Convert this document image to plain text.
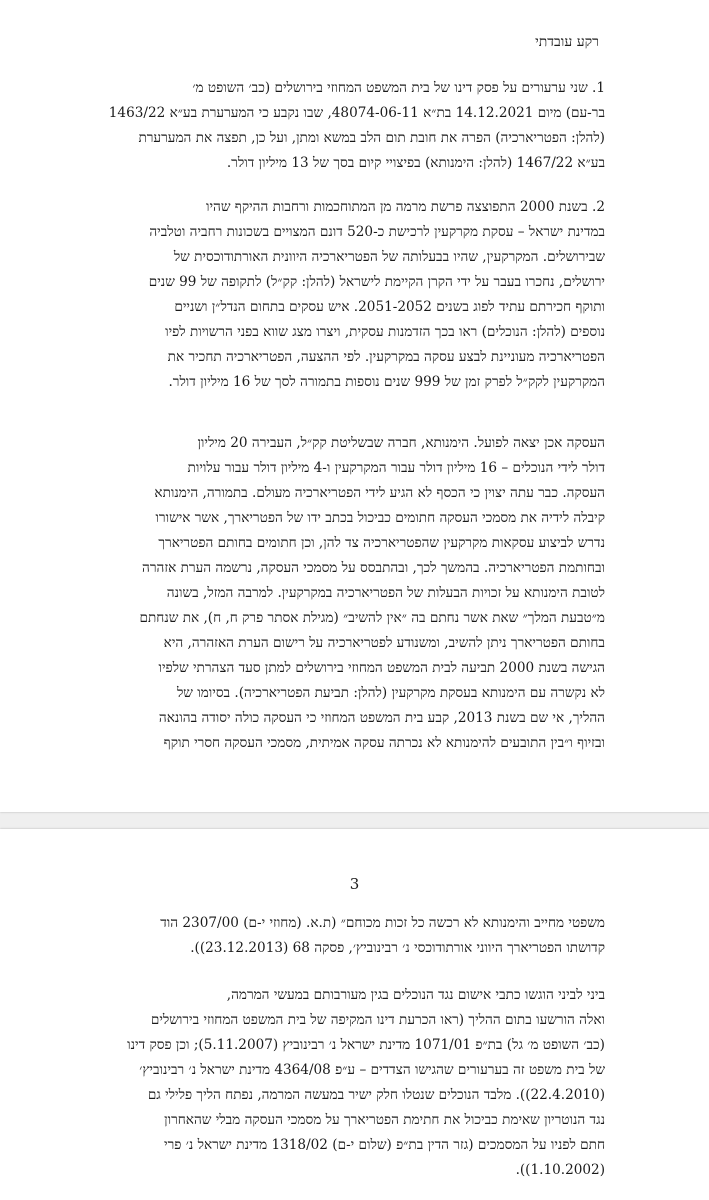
רקע עובדתי
1. שני ערעורים על פסק דינו של בית המשפט המחוזי בירושלים (כב׳ השופט מ׳
בר-עם) מיום 14.12.2021 בת״א 48074-06-11, שבו נקבע כי המערערת בע״א 1463/22
(להלן: הפטריארכיה) הפרה את חובת תום הלב במשא ומתן, ועל כן, תפצה את המערערת
בע״א 1467/22 (להלן: הימנותא) בפיצויי קיום בסך של 13 מיליון דולר.
2. בשנת 2000 התפוצצה פרשת מרמה מן המתוחכמות ורחבות ההיקף שהיו
במדינת ישראל – עסקת מקרקעין לרכישת כ-520 דונם המצויים בשכונות רחביה וטלביה
שבירושלים. המקרקעין, שהיו בבעלותה של הפטריארכיה היוונית האורתודוכסית של
ירושלים, נחכרו בעבר על ידי הקרן הקיימת לישראל (להלן: קק״ל) לתקופה של 99 שנים
ותוקף חכירתם עתיד לפוג בשנים 2051-2052. איש עסקים בתחום הנדל״ן ושניים
נוספים (להלן: הנוכלים) ראו בכך הזדמנות עסקית, ויצרו מצג שווא בפני הרשויות לפיו
הפטריארכיה מעוניינת לבצע עסקה במקרקעין. לפי ההצעה, הפטריארכיה תחכיר את
המקרקעין לקק״ל לפרק זמן של 999 שנים נוספות בתמורה לסך של 16 מיליון דולר.
העסקה אכן יצאה לפועל. הימנותא, חברה שבשליטת קק״ל, העבירה 20 מיליון
דולר לידי הנוכלים – 16 מיליון דולר עבור המקרקעין ו-4 מיליון דולר עבור עלויות
העסקה. כבר עתה יצוין כי הכסף לא הגיע לידי הפטריארכיה מעולם. בתמורה, הימנותא
קיבלה לידיה את מסמכי העסקה חתומים כביכול בכתב ידו של הפטריארך, אשר אישורו
נדרש לביצוע עסקאות מקרקעין שהפטריארכיה צד להן, וכן חתומים בחותם הפטריארך
ובחותמת הפטריארכיה. בהמשך לכך, ובהתבסס על מסמכי העסקה, נרשמה הערת אזהרה
לטובת הימנותא על זכויות הבעלות של הפטריארכיה במקרקעין. למרבה המזל, בשונה
מ״טבעת המלך״ שאת אשר נחתם בה ״אין להשיב״ (מגילת אסתר פרק ח, ח), את שנחתם
בחותם הפטריארך ניתן להשיב, ומשנודע לפטריארכיה על רישום הערת האזהרה, היא
הגישה בשנת 2000 תביעה לבית המשפט המחוזי בירושלים למתן סעד הצהרתי שלפיו
לא נקשרה עם הימנותא בעסקת מקרקעין (להלן: תביעת הפטריארכיה). בסיומו של
ההליך, אי שם בשנת 2013, קבע בית המשפט המחוזי כי העסקה כולה יסודה בהונאה
ובזיוף ו״בין התובעים להימנותא לא נכרתה עסקה אמיתית, מסמכי העסקה חסרי תוקף
3
משפטי מחייב והימנותא לא רכשה כל זכות מכוחם״ (ת.א. (מחוזי י-ם) 2307/00 הוד
קדושתו הפטריארך היווני אורתודוכסי נ׳ רבינוביץ׳, פסקה 68 (23.12.2013)).
ביני לביני הוגשו כתבי אישום נגד הנוכלים בגין מעורבותם במעשי המרמה,
ואלה הורשעו בתום ההליך (ראו הכרעת דינו המקיפה של בית המשפט המחוזי בירושלים
(כב׳ השופט מ׳ גל) בת״פ 1071/01 מדינת ישראל נ׳ רבינוביץ (5.11.2007); וכן פסק דינו
של בית משפט זה בערעורים שהגישו הצדדים – ע״פ 4364/08 מדינת ישראל נ׳ רבינוביץ׳
(22.4.2010)). מלבד הנוכלים שנטלו חלק ישיר במעשה המרמה, נפתח הליך פלילי גם
נגד הנוטריון שאימת כביכול את חתימת הפטריארך על מסמכי העסקה מבלי שהאחרון
חתם לפניו על המסמכים (גזר הדין בת״פ (שלום י-ם) 1318/02 מדינת ישראל נ׳ פרי
(1.10.2002)).
